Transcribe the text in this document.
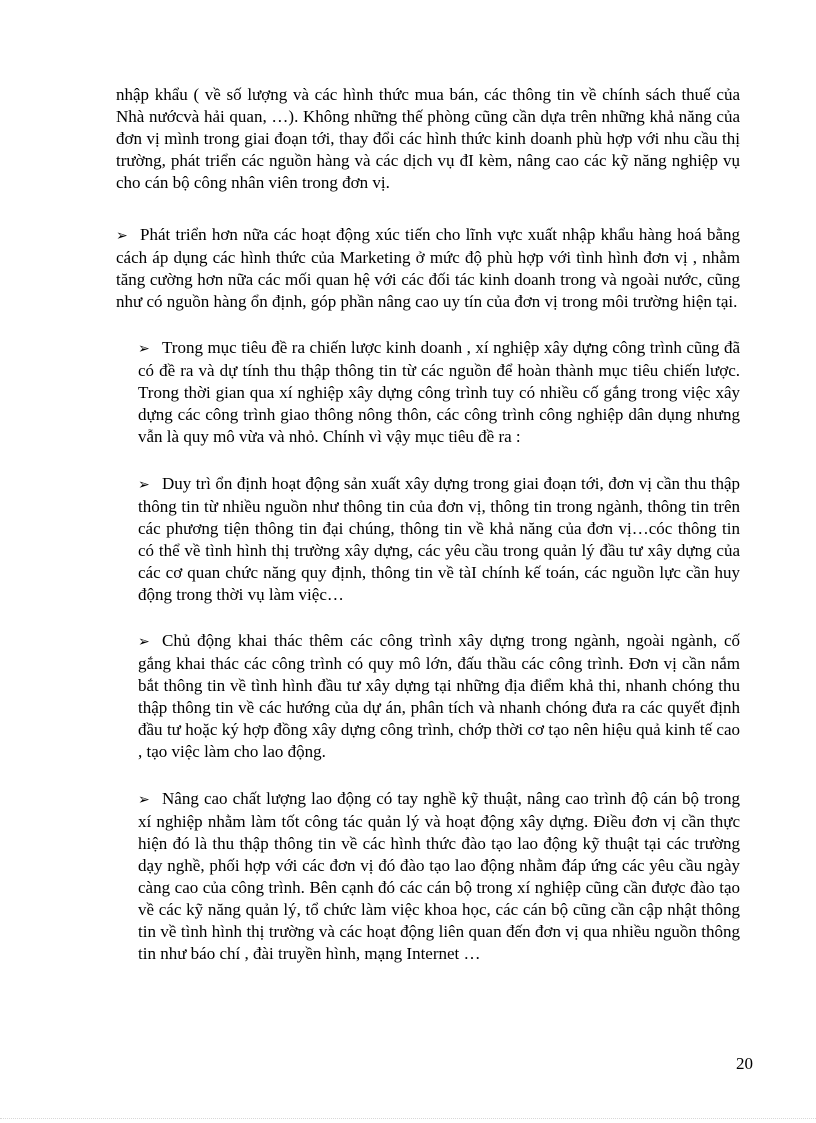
nhập khẩu ( về số lượng và các hình thức mua bán, các thông tin về chính sách thuế của Nhà nướcvà hải quan, …). Không những thế phòng cũng cần dựa trên những khả năng của đơn vị mình trong giai đoạn tới, thay đổi các hình thức kinh doanh phù hợp với nhu cầu thị trường, phát triển các nguồn hàng và các dịch vụ đI kèm, nâng cao các kỹ năng nghiệp vụ cho cán bộ công nhân viên trong đơn vị.

➢ Phát triển hơn nữa các hoạt động xúc tiến cho lĩnh vực xuất nhập khẩu hàng hoá bằng cách áp dụng các hình thức của Marketing ở mức độ phù hợp với tình hình đơn vị , nhằm tăng cường hơn nữa các mối quan hệ với các đối tác kinh doanh trong và ngoài nước, cũng như có nguồn hàng ổn định, góp phần nâng cao uy tín của đơn vị trong môi trường hiện tại.

➢ Trong mục tiêu đề ra chiến lược kinh doanh , xí nghiệp xây dựng công trình cũng đã có đề ra và dự tính thu thập thông tin từ các nguồn để hoàn thành mục tiêu chiến lược. Trong thời gian qua xí nghiệp xây dựng công trình tuy có nhiều cố gắng trong việc xây dựng các công trình giao thông nông thôn, các công trình công nghiệp dân dụng nhưng vẫn là quy mô vừa và nhỏ. Chính vì vậy mục tiêu đề ra :

➢ Duy trì ổn định hoạt động sản xuất xây dựng trong giai đoạn tới, đơn vị cần thu thập thông tin từ nhiều nguồn như thông tin của đơn vị, thông tin trong ngành, thông tin trên các phương tiện thông tin đại chúng, thông tin về khả năng của đơn vị…cóc thông tin có thể về tình hình thị trường xây dựng, các yêu cầu trong quản lý đầu tư xây dựng của các cơ quan chức năng quy định, thông tin về tàI chính kế toán, các nguồn lực cần huy động trong thời vụ làm việc…

➢ Chủ động khai thác thêm các công trình xây dựng trong ngành, ngoài ngành, cố gắng khai thác các công trình có quy mô lớn, đấu thầu các công trình. Đơn vị cần nắm bắt thông tin về tình hình đầu tư xây dựng tại những địa điểm khả thi, nhanh chóng thu thập thông tin về các hướng của dự án, phân tích và nhanh chóng đưa ra các quyết định đầu tư hoặc ký hợp đồng xây dựng công trình, chớp thời cơ tạo nên hiệu quả kinh tế cao , tạo việc làm cho lao động.

➢ Nâng cao chất lượng lao động có tay nghề kỹ thuật, nâng cao trình độ cán bộ trong xí nghiệp nhằm làm tốt công tác quản lý và hoạt động xây dựng. Điều đơn vị cần thực hiện đó là thu thập thông tin về các hình thức đào tạo lao động kỹ thuật tại các trường dạy nghề, phối hợp với các đơn vị đó đào tạo lao động nhằm đáp ứng các yêu cầu ngày càng cao của công trình. Bên cạnh đó các cán bộ trong xí nghiệp cũng cần được đào tạo về các kỹ năng quản lý, tổ chức làm việc khoa học, các cán bộ cũng cần cập nhật thông tin về tình hình thị trường và các hoạt động liên quan đến đơn vị qua nhiều nguồn thông tin như báo chí , đài truyền hình, mạng Internet …

20
